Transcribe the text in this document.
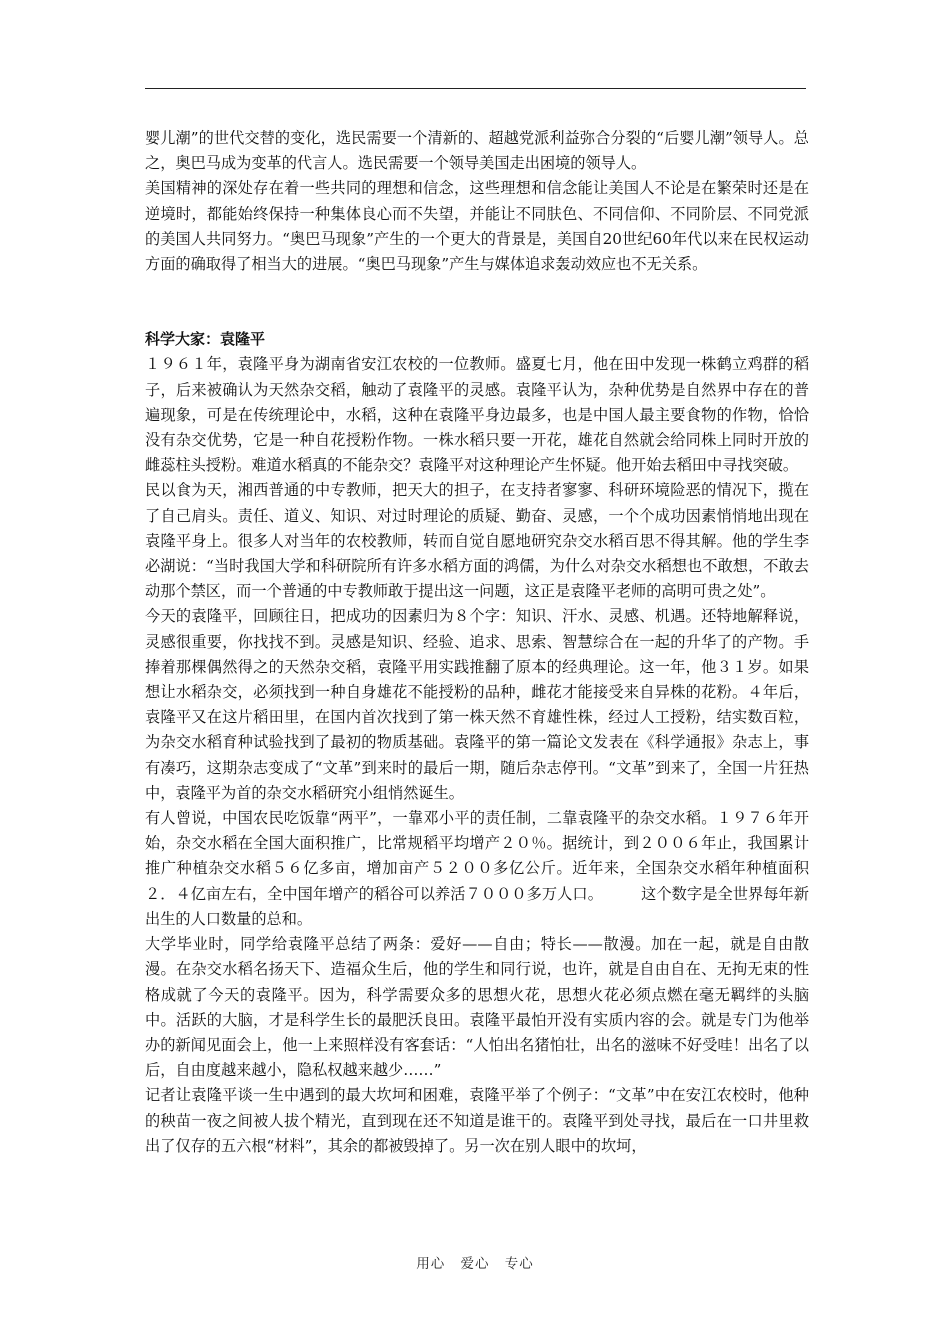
婴儿潮”的世代交替的变化，选民需要一个清新的、超越党派利益弥合分裂的“后婴儿潮”领导人。总之，奥巴马成为变革的代言人。选民需要一个领导美国走出困境的领导人。

美国精神的深处存在着一些共同的理想和信念，这些理想和信念能让美国人不论是在繁荣时还是在逆境时，都能始终保持一种集体良心而不失望，并能让不同肤色、不同信仰、不同阶层、不同党派的美国人共同努力。“奥巴马现象”产生的一个更大的背景是，美国自20世纪60年代以来在民权运动方面的确取得了相当大的进展。“奥巴马现象”产生与媒体追求轰动效应也不无关系。

科学大家：袁隆平

１９６１年，袁隆平身为湖南省安江农校的一位教师。盛夏七月，他在田中发现一株鹤立鸡群的稻子，后来被确认为天然杂交稻，触动了袁隆平的灵感。袁隆平认为，杂种优势是自然界中存在的普遍现象，可是在传统理论中，水稻，这种在袁隆平身边最多，也是中国人最主要食物的作物，恰恰没有杂交优势，它是一种自花授粉作物。一株水稻只要一开花，雄花自然就会给同株上同时开放的雌蕊柱头授粉。难道水稻真的不能杂交？袁隆平对这种理论产生怀疑。他开始去稻田中寻找突破。

民以食为天，湘西普通的中专教师，把天大的担子，在支持者寥寥、科研环境险恶的情况下，揽在了自己肩头。责任、道义、知识、对过时理论的质疑、勤奋、灵感，一个个成功因素悄悄地出现在袁隆平身上。很多人对当年的农校教师，转而自觉自愿地研究杂交水稻百思不得其解。他的学生李必湖说：“当时我国大学和科研院所有许多水稻方面的鸿儒，为什么对杂交水稻想也不敢想，不敢去动那个禁区，而一个普通的中专教师敢于提出这一问题，这正是袁隆平老师的高明可贵之处”。

今天的袁隆平，回顾往日，把成功的因素归为８个字：知识、汗水、灵感、机遇。还特地解释说，灵感很重要，你找找不到。灵感是知识、经验、追求、思索、智慧综合在一起的升华了的产物。手捧着那棵偶然得之的天然杂交稻，袁隆平用实践推翻了原本的经典理论。这一年，他３１岁。如果想让水稻杂交，必须找到一种自身雄花不能授粉的品种，雌花才能接受来自异株的花粉。４年后，袁隆平又在这片稻田里，在国内首次找到了第一株天然不育雄性株，经过人工授粉，结实数百粒，为杂交水稻育种试验找到了最初的物质基础。袁隆平的第一篇论文发表在《科学通报》杂志上，事有凑巧，这期杂志变成了“文革”到来时的最后一期，随后杂志停刊。“文革”到来了，全国一片狂热中，袁隆平为首的杂交水稻研究小组悄然诞生。

有人曾说，中国农民吃饭靠“两平”，一靠邓小平的责任制，二靠袁隆平的杂交水稻。１９７６年开始，杂交水稻在全国大面积推广，比常规稻平均增产２０％。据统计，到２００６年止，我国累计推广种植杂交水稻５６亿多亩，增加亩产５２００多亿公斤。近年来，全国杂交水稻年种植面积２．４亿亩左右，全中国年增产的稻谷可以养活７０００多万人口。　　　这个数字是全世界每年新出生的人口数量的总和。

大学毕业时，同学给袁隆平总结了两条：爱好——自由；特长——散漫。加在一起，就是自由散漫。在杂交水稻名扬天下、造福众生后，他的学生和同行说，也许，就是自由自在、无拘无束的性格成就了今天的袁隆平。因为，科学需要众多的思想火花，思想火花必须点燃在毫无羁绊的头脑中。活跃的大脑，才是科学生长的最肥沃良田。袁隆平最怕开没有实质内容的会。就是专门为他举办的新闻见面会上，他一上来照样没有客套话：“人怕出名猪怕壮，出名的滋味不好受哇！出名了以后，自由度越来越小，隐私权越来越少……”

记者让袁隆平谈一生中遇到的最大坎坷和困难，袁隆平举了个例子：“文革”中在安江农校时，他种的秧苗一夜之间被人拔个精光，直到现在还不知道是谁干的。袁隆平到处寻找，最后在一口井里救出了仅存的五六根“材料”，其余的都被毁掉了。另一次在别人眼中的坎坷，

用心 爱心 专心
